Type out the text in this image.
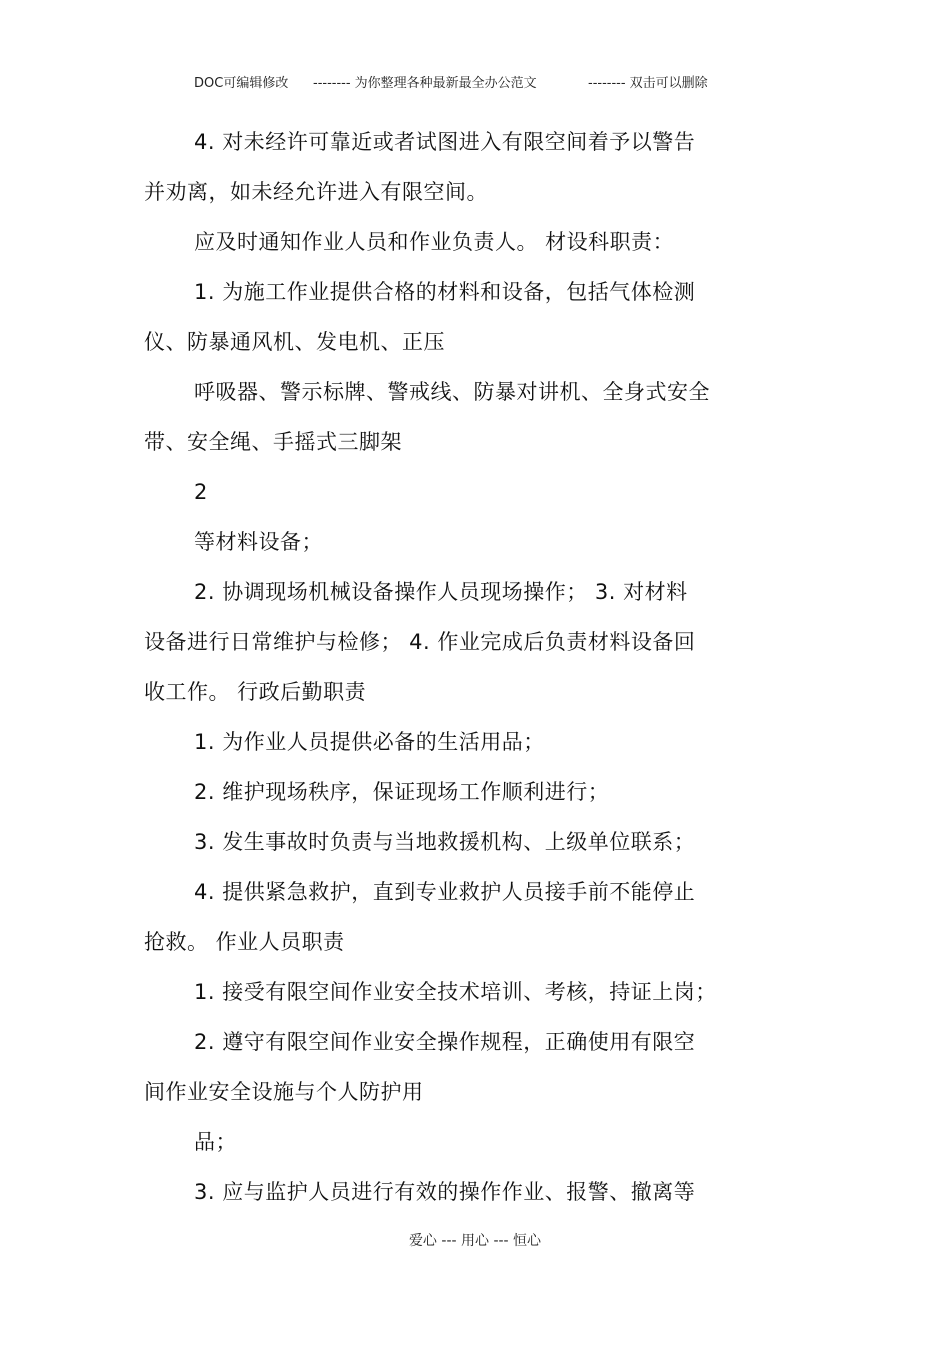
DOC可编辑修改 -------- 为你整理各种最新最全办公范文	-------- 双击可以删除
4. 对未经许可靠近或者试图进入有限空间着予以警告
并劝离，如未经允许进入有限空间。
应及时通知作业人员和作业负责人。 材设科职责：
1. 为施工作业提供合格的材料和设备，包括气体检测
仪、防暴通风机、发电机、正压
呼吸器、警示标牌、警戒线、防暴对讲机、全身式安全
带、安全绳、手摇式三脚架
2
等材料设备；
2. 协调现场机械设备操作人员现场操作； 3. 对材料
设备进行日常维护与检修； 4. 作业完成后负责材料设备回
收工作。 行政后勤职责
1. 为作业人员提供必备的生活用品；
2. 维护现场秩序，保证现场工作顺利进行；
3. 发生事故时负责与当地救援机构、上级单位联系；
4. 提供紧急救护，直到专业救护人员接手前不能停止
抢救。 作业人员职责
1. 接受有限空间作业安全技术培训、考核，持证上岗；
2. 遵守有限空间作业安全操作规程，正确使用有限空
间作业安全设施与个人防护用
品；
3. 应与监护人员进行有效的操作作业、报警、撤离等
爱心 --- 用心 --- 恒心
